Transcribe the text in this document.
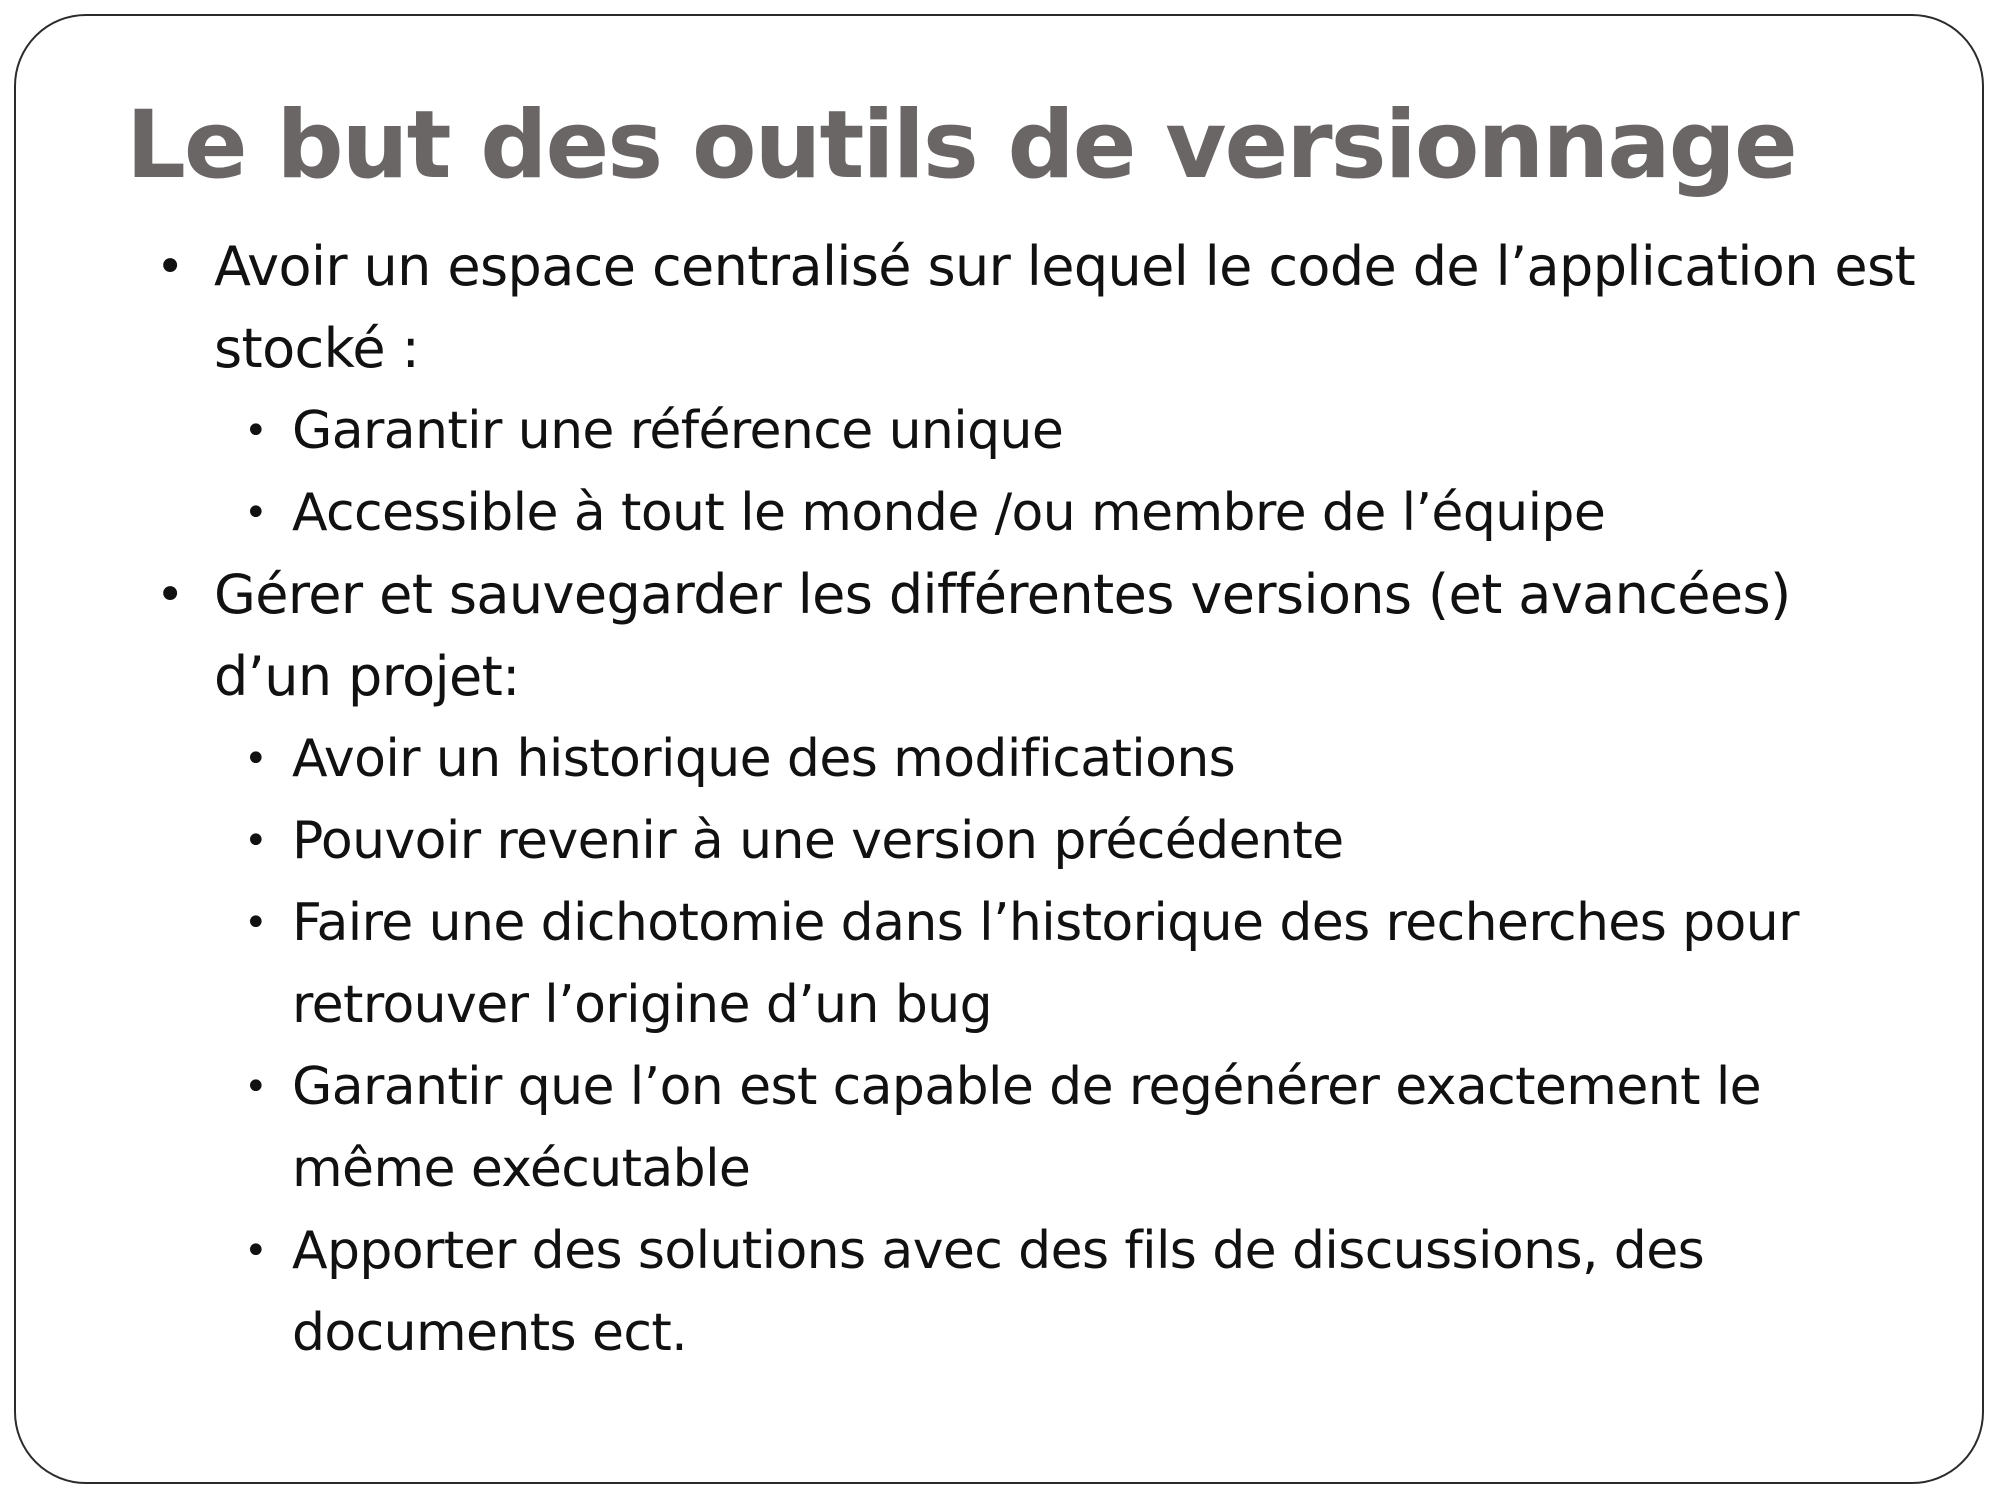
Le but des outils de versionnage
• Avoir un espace centralisé sur lequel le code de l’application est stocké :
• Garantir une référence unique
• Accessible à tout le monde /ou membre de l’équipe
• Gérer et sauvegarder les différentes versions (et avancées) d’un projet:
• Avoir un historique des modifications
• Pouvoir revenir à une version précédente
• Faire une dichotomie dans l’historique des recherches pour retrouver l’origine d’un bug
• Garantir que l’on est capable de regénérer exactement le même exécutable
• Apporter des solutions avec des fils de discussions, des documents ect.
